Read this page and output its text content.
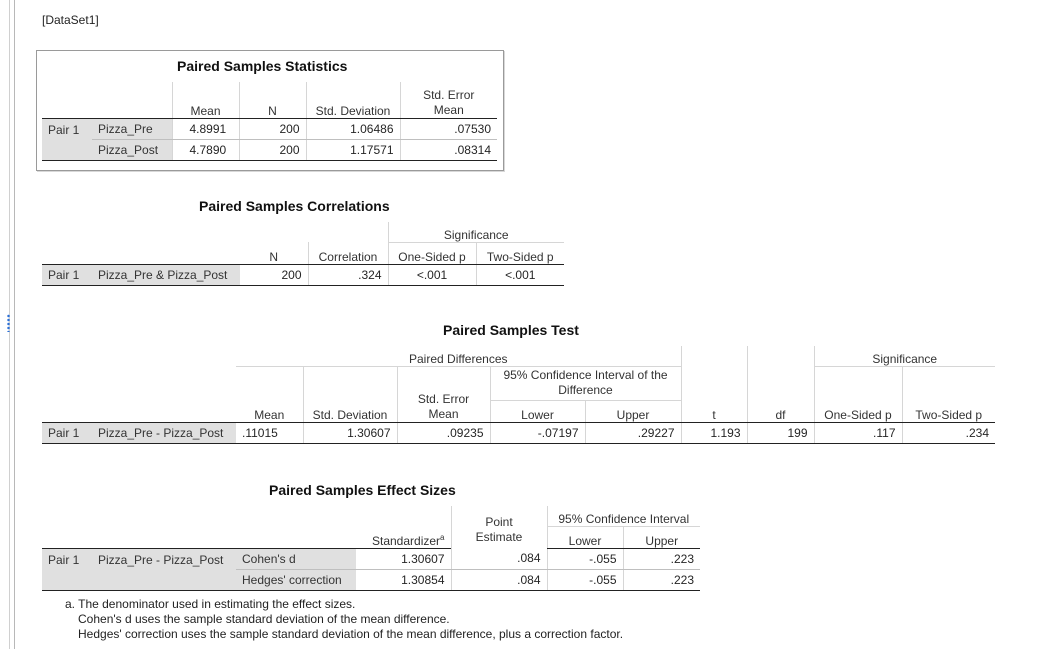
[DataSet1]
Paired Samples Statistics
		Mean	N	Std. Deviation	Std. Error
Mean

Pair 1	Pizza_Pre	4.8991	200	1.06486	.07530
	Pizza_Post	4.7890	200	1.17571	.08314
Paired Samples Correlations
				Significance	
		N	Correlation	One-Sided p	Two-Sided p
Pair 1	Pizza_Pre & Pizza_Post	200	.324	<.001	<.001
Paired Samples Test
		Paired Differences							Significance	

					95% Confidence Interval of the
Difference					

		Mean	Std. Deviation	Std. Error
Mean	Lower	Upper	t	df	One-Sided p	Two-Sided p
Pair 1	Pizza_Pre - Pizza_Post	.11015	1.30607	.09235	-.07197	.29227	1.193	199	.117	.234
Paired Samples Effect Sizes

				Point
Estimate	95% Confidence Interval	
			Standardizer$^a$		Lower	Upper
Pair 1	Pizza_Pre - Pizza_Post	Cohen's d	1.30607	.084	-.055	.223
		Hedges' correction	1.30854	.084	-.055	.223
a. The denominator used in estimating the effect sizes.
Cohen's d uses the sample standard deviation of the mean difference.
Hedges' correction uses the sample standard deviation of the mean difference, plus a correction factor.
